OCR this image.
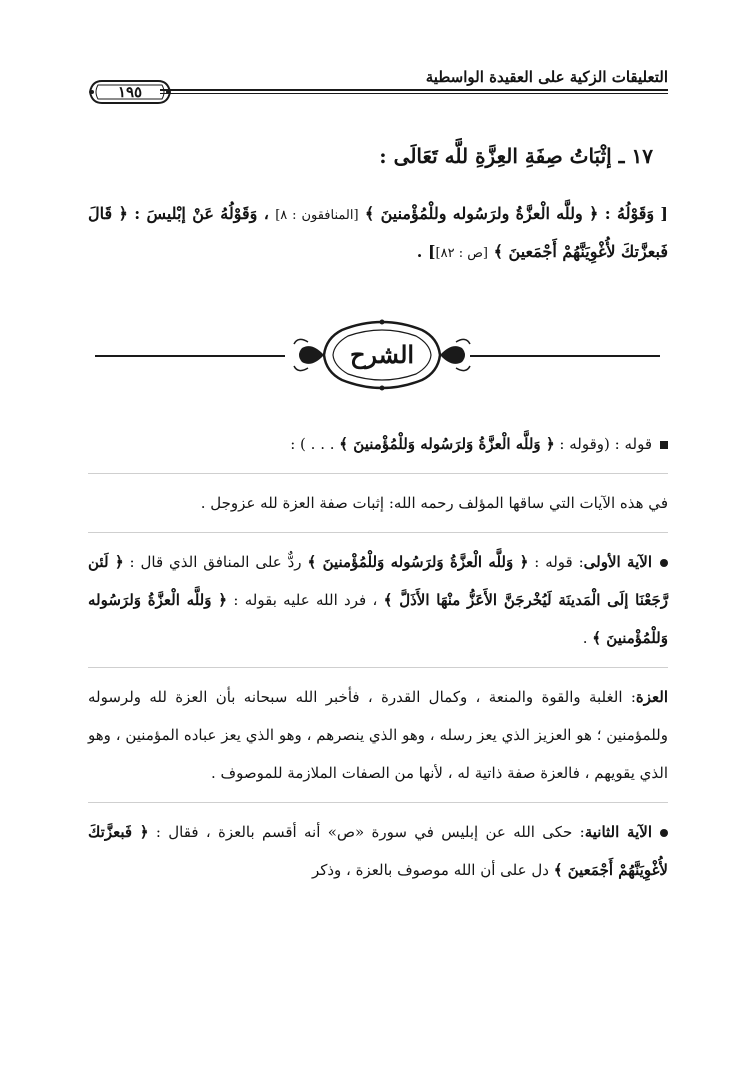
التعليقات الزكية على العقيدة الواسطية
١٩٥
١٧ ـ إثْبَاتُ صِفَةِ العِزَّةِ للَّه تَعَالَى :
[ وَقَوْلُهُ : ﴿ وللَّه الْعزَّةُ ولرَسُوله وللْمُؤْمنينَ ﴾ [المنافقون : ٨] ، وَقَوْلُهُ عَنْ إبْليسَ : ﴿ قَالَ فَبعزَّتكَ لأُغْوِيَنَّهُمْ أَجْمَعينَ ﴾ [ص : ٨٢]] .
الشرح

قوله : (وقوله : ﴿ وَللَّه الْعزَّةُ وَلرَسُوله وَللْمُؤْمنينَ ﴾ . . . ) :

في هذه الآيات التي ساقها المؤلف رحمه الله: إثبات صفة العزة لله عزوجل .

الآية الأولى: قوله : ﴿ وَللَّه الْعزَّةُ وَلرَسُوله وَللْمُؤْمنينَ ﴾ ردٌّ على المنافق الذي قال : ﴿ لَئن رَّجَعْنَا إلَى الْمَدينَة لَيُخْرجَنَّ الأَعَزُّ منْهَا الأَذَلَّ ﴾ ، فرد الله عليه بقوله : ﴿ وَللَّه الْعزَّةُ وَلرَسُوله وَللْمُؤْمنينَ ﴾ .

العزة: الغلبة والقوة والمنعة ، وكمال القدرة ، فأخبر الله سبحانه بأن العزة لله ولرسوله وللمؤمنين ؛ هو العزيز الذي يعز رسله ، وهو الذي ينصرهم ، وهو الذي يعز عباده المؤمنين ، وهو الذي يقويهم ، فالعزة صفة ذاتية له ، لأنها من الصفات الملازمة للموصوف .

الآية الثانية: حكى الله عن إبليس في سورة «ص» أنه أقسم بالعزة ، فقال : ﴿ فَبعزَّتكَ لأُغْوِيَنَّهُمْ أَجْمَعينَ ﴾ دل على أن الله موصوف بالعزة ، وذكر
